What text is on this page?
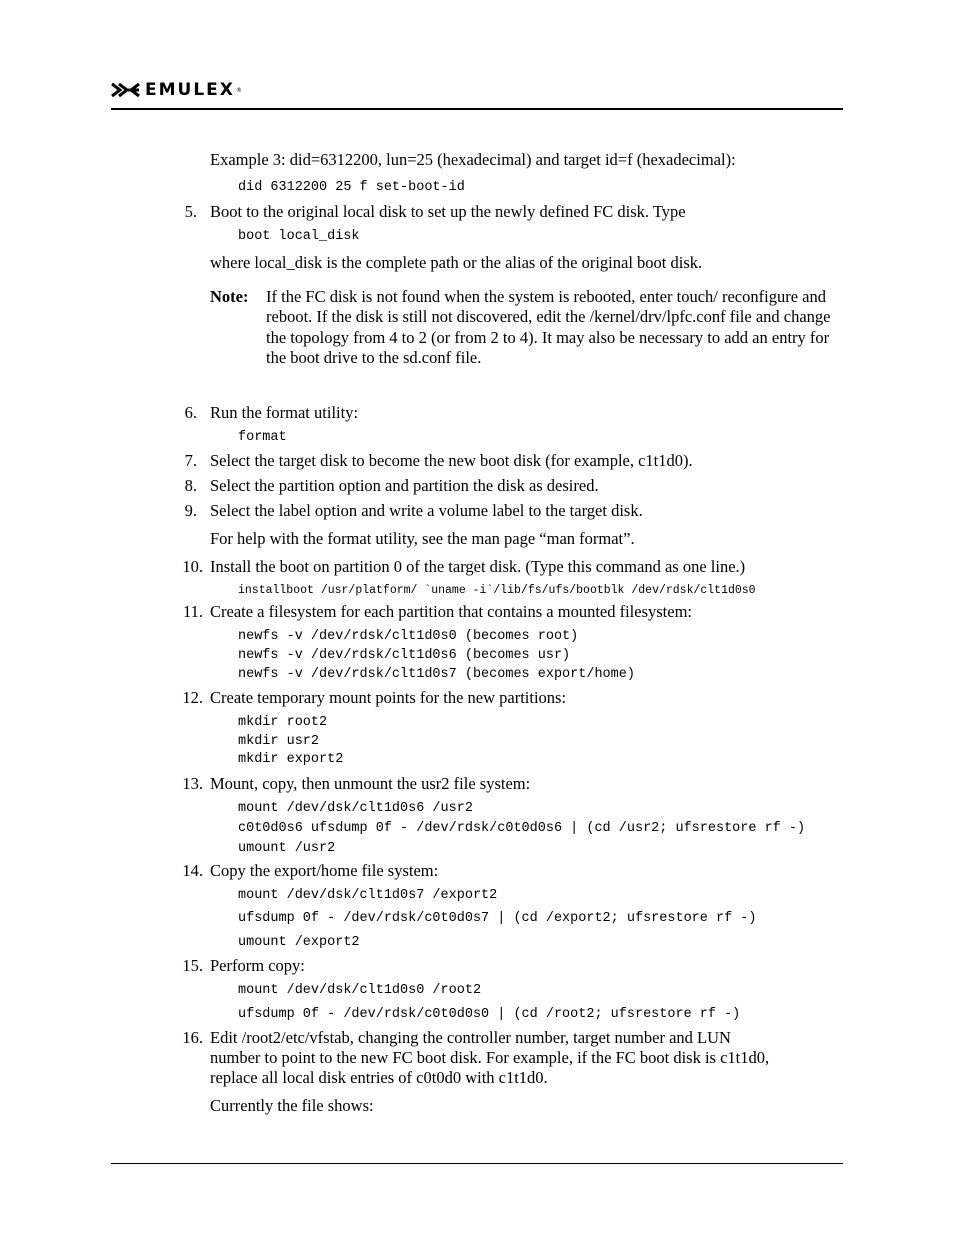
EMULEX ®
Example 3: did=6312200, lun=25 (hexadecimal) and target id=f (hexadecimal):
did 6312200 25 f set-boot-id
5. Boot to the original local disk to set up the newly defined FC disk. Type
boot local_disk
where local_disk is the complete path or the alias of the original boot disk.
Note: If the FC disk is not found when the system is rebooted, enter touch/ reconfigure and reboot. If the disk is still not discovered, edit the /kernel/drv/lpfc.conf file and change the topology from 4 to 2 (or from 2 to 4). It may also be necessary to add an entry for the boot drive to the sd.conf file.
6. Run the format utility:
format
7. Select the target disk to become the new boot disk (for example, c1t1d0).
8. Select the partition option and partition the disk as desired.
9. Select the label option and write a volume label to the target disk.
For help with the format utility, see the man page “man format”.
10. Install the boot on partition 0 of the target disk. (Type this command as one line.)
installboot /usr/platform/ `uname -i`/lib/fs/ufs/bootblk /dev/rdsk/clt1d0s0
11. Create a filesystem for each partition that contains a mounted filesystem:
newfs -v /dev/rdsk/clt1d0s0 (becomes root)
newfs -v /dev/rdsk/clt1d0s6 (becomes usr)
newfs -v /dev/rdsk/clt1d0s7 (becomes export/home)
12. Create temporary mount points for the new partitions:
mkdir root2
mkdir usr2
mkdir export2
13. Mount, copy, then unmount the usr2 file system:
mount /dev/dsk/clt1d0s6 /usr2
c0t0d0s6 ufsdump 0f - /dev/rdsk/c0t0d0s6 | (cd /usr2; ufsrestore rf -)
umount /usr2
14. Copy the export/home file system:
mount /dev/dsk/clt1d0s7 /export2
ufsdump 0f - /dev/rdsk/c0t0d0s7 | (cd /export2; ufsrestore rf -)
umount /export2
15. Perform copy:
mount /dev/dsk/clt1d0s0 /root2
ufsdump 0f - /dev/rdsk/c0t0d0s0 | (cd /root2; ufsrestore rf -)
16. Edit /root2/etc/vfstab, changing the controller number, target number and LUN
number to point to the new FC boot disk. For example, if the FC boot disk is c1t1d0,
replace all local disk entries of c0t0d0 with c1t1d0.
Currently the file shows:
